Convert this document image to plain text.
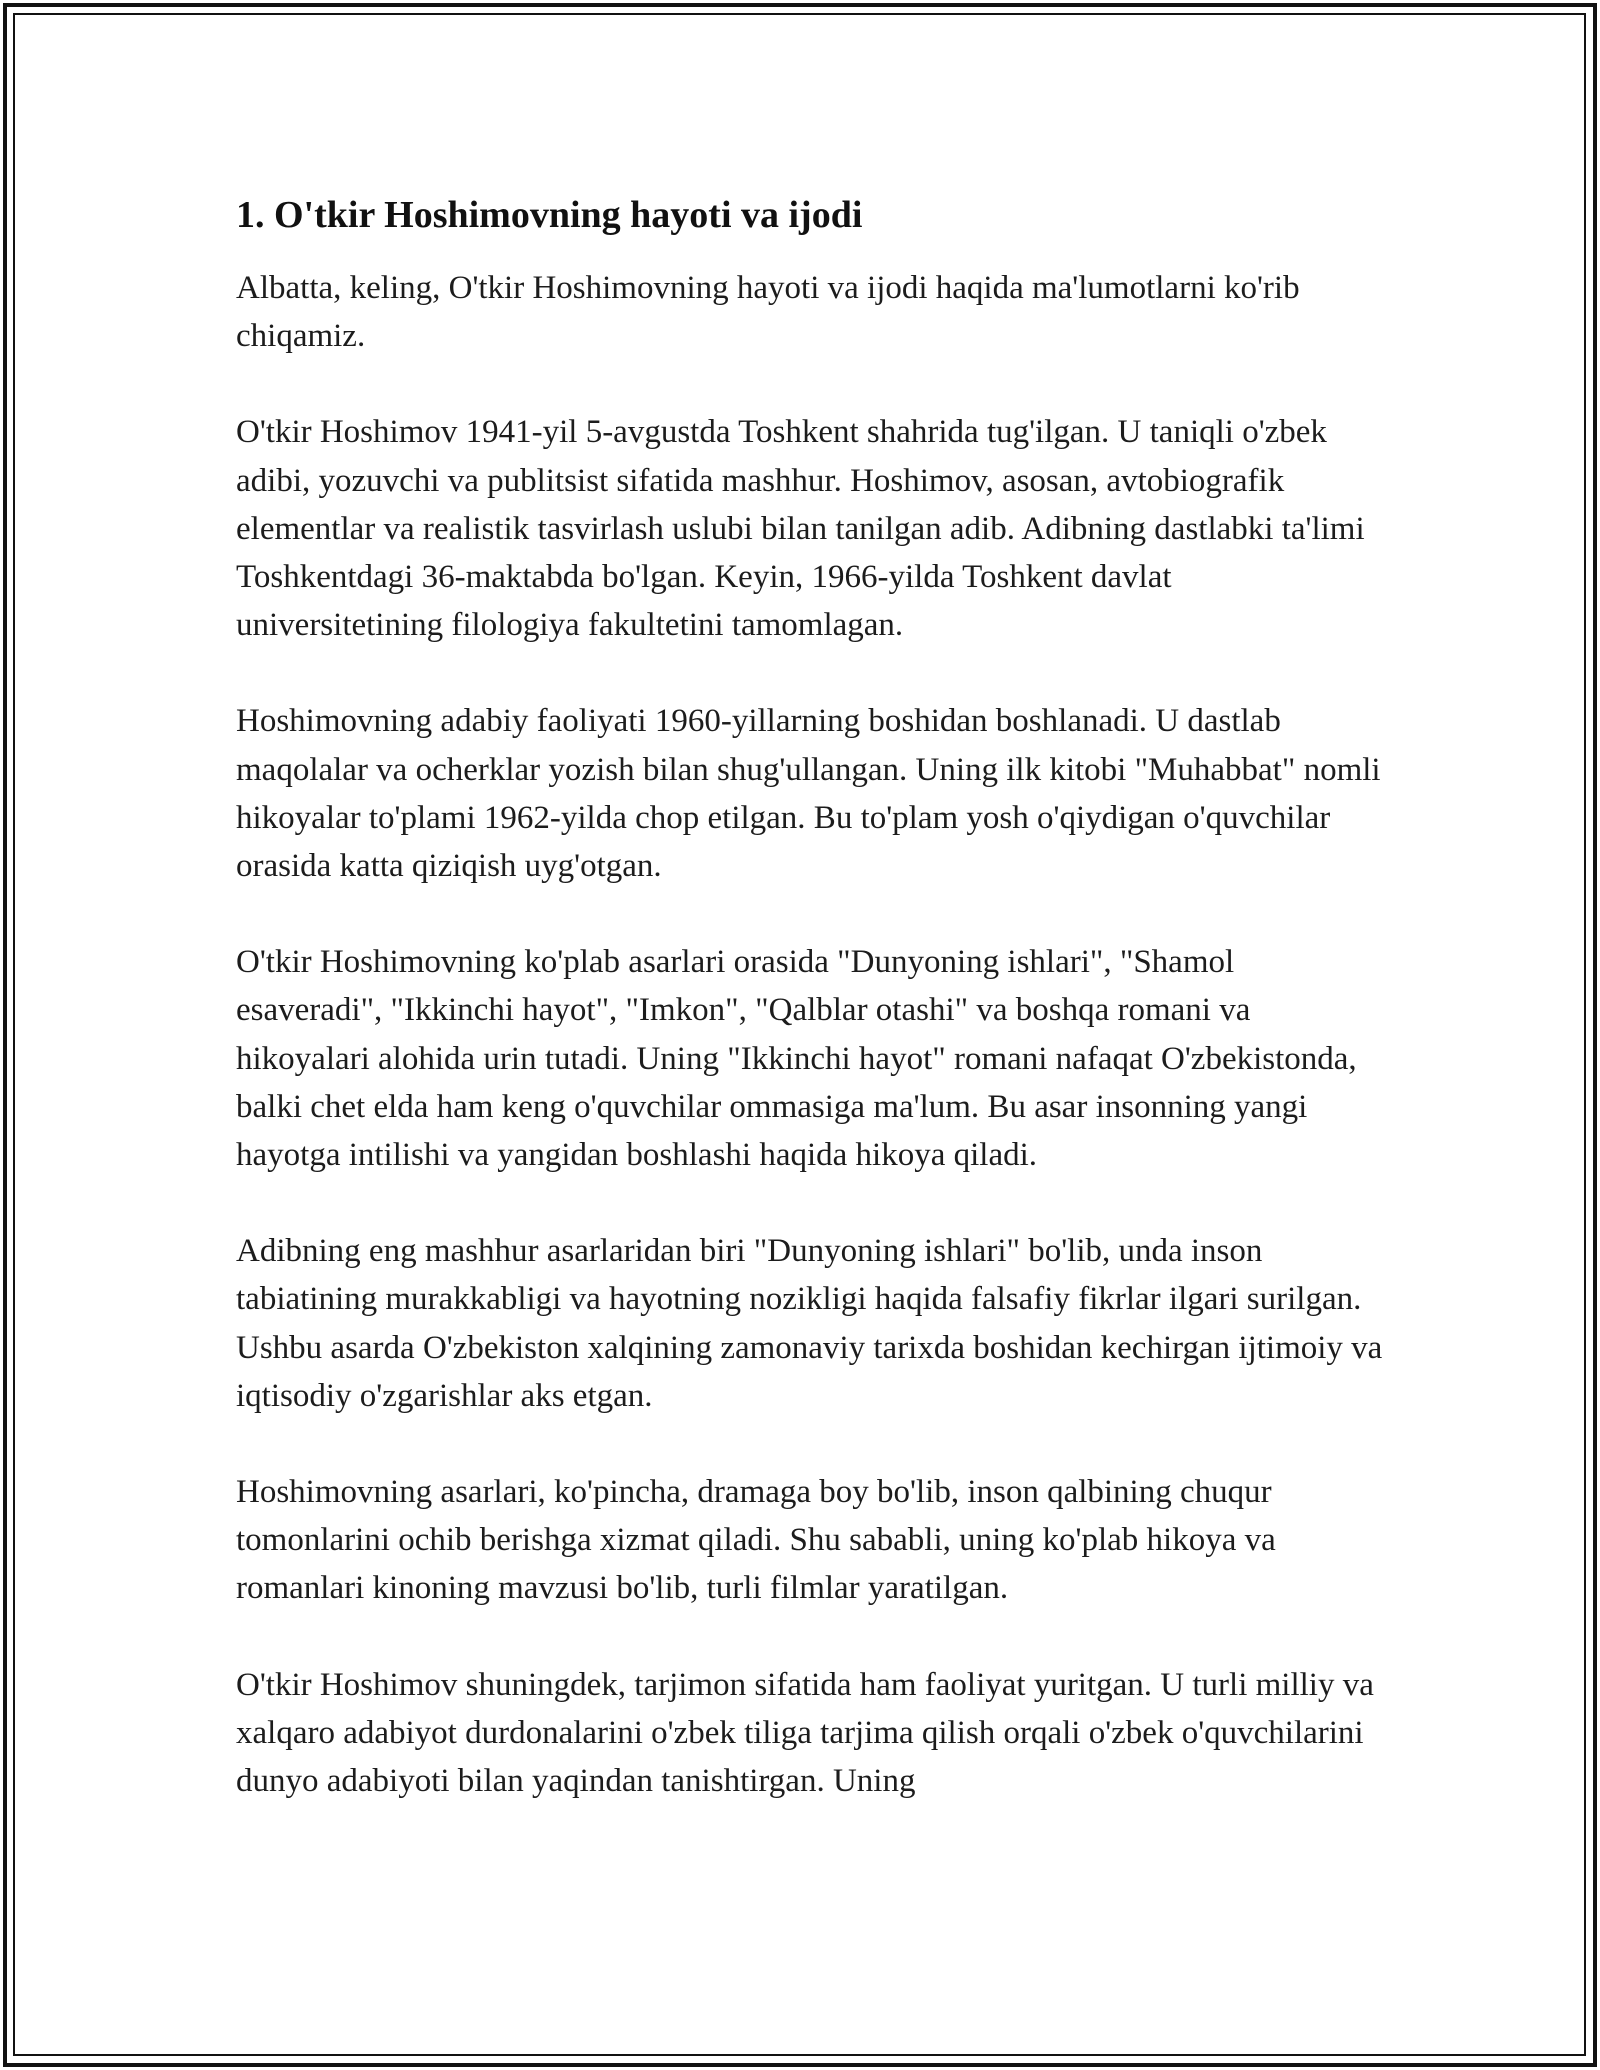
1. O'tkir Hoshimovning hayoti va ijodi

Albatta, keling, O'tkir Hoshimovning hayoti va ijodi haqida ma'lumotlarni ko'rib chiqamiz.

O'tkir Hoshimov 1941-yil 5-avgustda Toshkent shahrida tug'ilgan. U taniqli o'zbek adibi, yozuvchi va publitsist sifatida mashhur. Hoshimov, asosan, avtobiografik elementlar va realistik tasvirlash uslubi bilan tanilgan adib. Adibning dastlabki ta'limi Toshkentdagi 36-maktabda bo'lgan. Keyin, 1966-yilda Toshkent davlat universitetining filologiya fakultetini tamomlagan.

Hoshimovning adabiy faoliyati 1960-yillarning boshidan boshlanadi. U dastlab maqolalar va ocherklar yozish bilan shug'ullangan. Uning ilk kitobi "Muhabbat" nomli hikoyalar to'plami 1962-yilda chop etilgan. Bu to'plam yosh o'qiydigan o'quvchilar orasida katta qiziqish uyg'otgan.

O'tkir Hoshimovning ko'plab asarlari orasida "Dunyoning ishlari", "Shamol esaveradi", "Ikkinchi hayot", "Imkon", "Qalblar otashi" va boshqa romani va hikoyalari alohida urin tutadi. Uning "Ikkinchi hayot" romani nafaqat O'zbekistonda, balki chet elda ham keng o'quvchilar ommasiga ma'lum. Bu asar insonning yangi hayotga intilishi va yangidan boshlashi haqida hikoya qiladi.

Adibning eng mashhur asarlaridan biri "Dunyoning ishlari" bo'lib, unda inson tabiatining murakkabligi va hayotning nozikligi haqida falsafiy fikrlar ilgari surilgan. Ushbu asarda O'zbekiston xalqining zamonaviy tarixda boshidan kechirgan ijtimoiy va iqtisodiy o'zgarishlar aks etgan.

Hoshimovning asarlari, ko'pincha, dramaga boy bo'lib, inson qalbining chuqur tomonlarini ochib berishga xizmat qiladi. Shu sababli, uning ko'plab hikoya va romanlari kinoning mavzusi bo'lib, turli filmlar yaratilgan.

O'tkir Hoshimov shuningdek, tarjimon sifatida ham faoliyat yuritgan. U turli milliy va xalqaro adabiyot durdonalarini o'zbek tiliga tarjima qilish orqali o'zbek o'quvchilarini dunyo adabiyoti bilan yaqindan tanishtirgan. Uning
